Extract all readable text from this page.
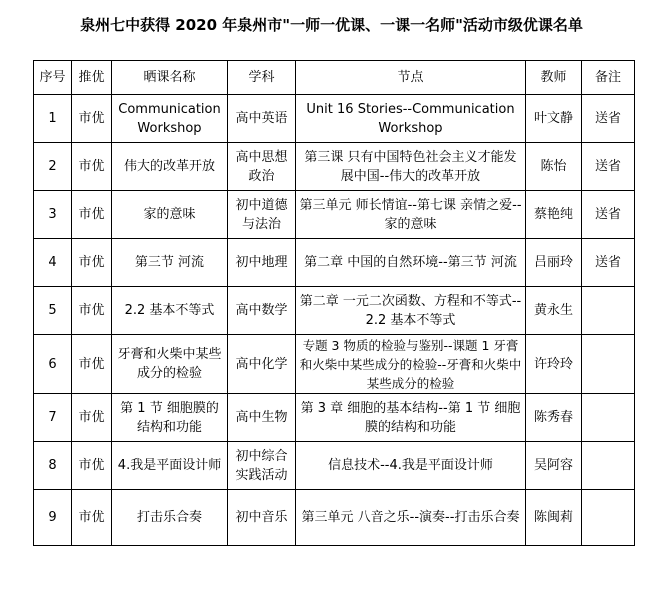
泉州七中获得 2020 年泉州市"一师一优课、一课一名师"活动市级优课名单
序号	推优	晒课名称	学科	节点	教师	备注
1	市优	Communication Workshop	高中英语	Unit 16 Stories--Communication Workshop	叶文静	送省
2	市优	伟大的改革开放	高中思想政治	第三课 只有中国特色社会主义才能发展中国--伟大的改革开放	陈怡	送省
3	市优	家的意味	初中道德与法治	第三单元 师长情谊--第七课 亲情之爱--家的意味	蔡艳纯	送省
4	市优	第三节 河流	初中地理	第二章 中国的自然环境--第三节 河流	吕丽玲	送省
5	市优	2.2 基本不等式	高中数学	第二章 一元二次函数、方程和不等式--2.2 基本不等式	黄永生	
6	市优	牙膏和火柴中某些成分的检验	高中化学	专题 3 物质的检验与鉴别--课题 1 牙膏和火柴中某些成分的检验--牙膏和火柴中某些成分的检验	许玲玲	
7	市优	第 1 节 细胞膜的结构和功能	高中生物	第 3 章 细胞的基本结构--第 1 节 细胞膜的结构和功能	陈秀春	
8	市优	4.我是平面设计师	初中综合实践活动	信息技术--4.我是平面设计师	吴阿容	
9	市优	打击乐合奏	初中音乐	第三单元 八音之乐--演奏--打击乐合奏	陈闽莉	
